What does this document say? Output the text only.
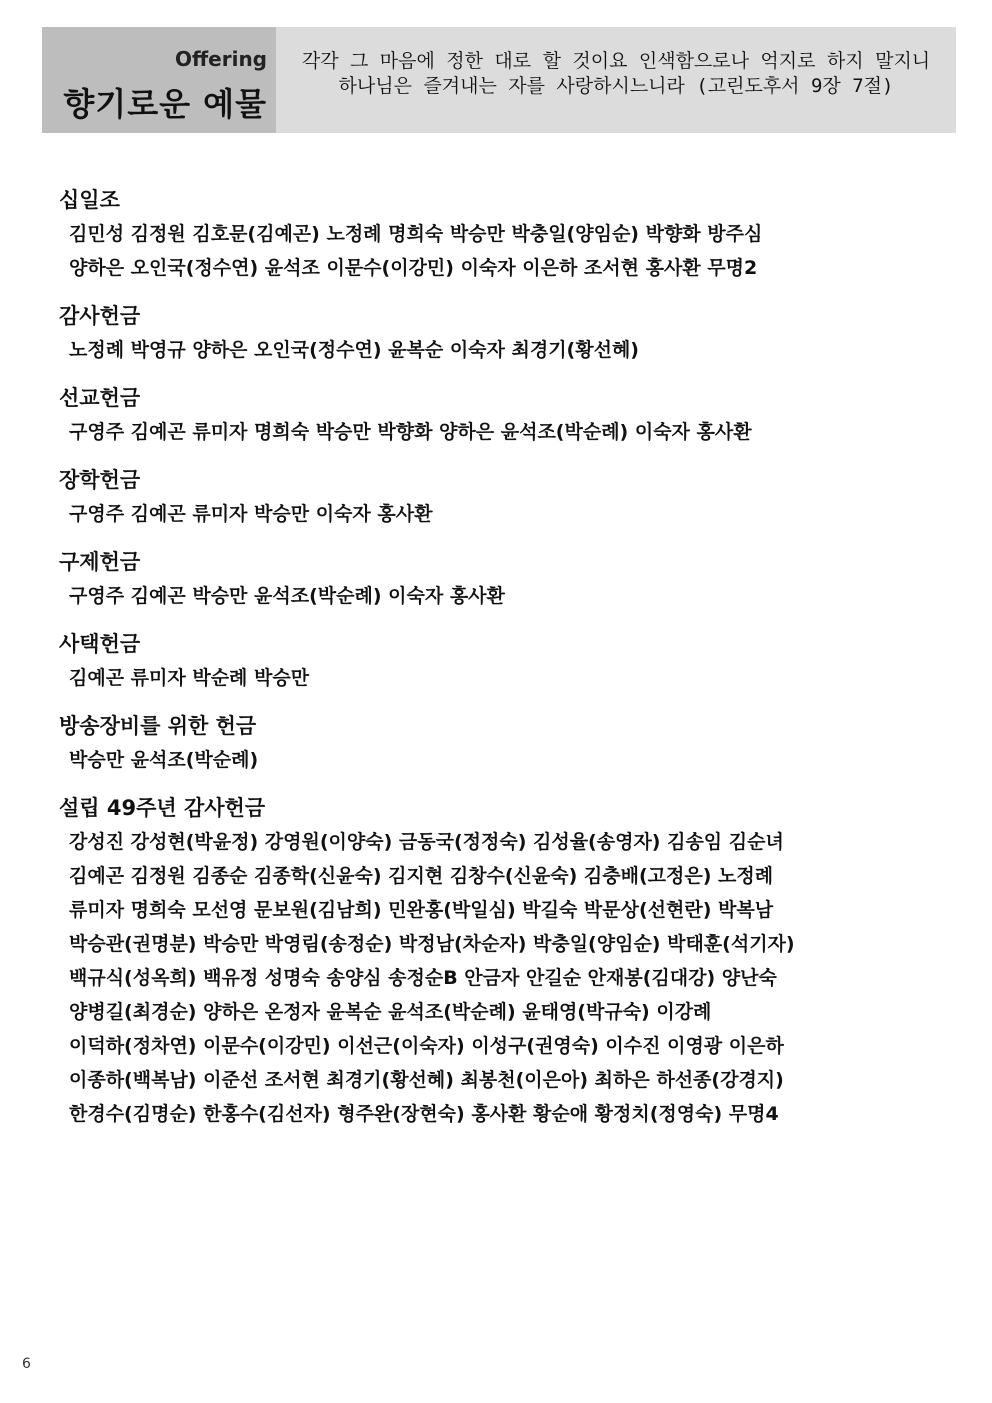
Offering
향기로운 예물
각각 그 마음에 정한 대로 할 것이요 인색함으로나 억지로 하지 말지니
하나님은 즐겨내는 자를 사랑하시느니라 (고린도후서 9장 7절)
십일조
김민성 김정원 김호문(김예곤) 노정례 명희숙 박승만 박충일(양임순) 박향화 방주심
양하은 오인국(정수연) 윤석조 이문수(이강민) 이숙자 이은하 조서현 홍사환 무명2
감사헌금
노정례 박영규 양하은 오인국(정수연) 윤복순 이숙자 최경기(황선혜)
선교헌금
구영주 김예곤 류미자 명희숙 박승만 박향화 양하은 윤석조(박순례) 이숙자 홍사환
장학헌금
구영주 김예곤 류미자 박승만 이숙자 홍사환
구제헌금
구영주 김예곤 박승만 윤석조(박순례) 이숙자 홍사환
사택헌금
김예곤 류미자 박순례 박승만
방송장비를 위한 헌금
박승만 윤석조(박순례)
설립 49주년 감사헌금
강성진 강성현(박윤정) 강영원(이양숙) 금동국(정정숙) 김성율(송영자) 김송임 김순녀
김예곤 김정원 김종순 김종학(신윤숙) 김지현 김창수(신윤숙) 김충배(고정은) 노정례
류미자 명희숙 모선영 문보원(김남희) 민완홍(박일심) 박길숙 박문상(선현란) 박복남
박승관(권명분) 박승만 박영림(송정순) 박정남(차순자) 박충일(양임순) 박태훈(석기자)
백규식(성옥희) 백유정 성명숙 송양심 송정순B 안금자 안길순 안재봉(김대강) 양난숙
양병길(최경순) 양하은 온정자 윤복순 윤석조(박순례) 윤태영(박규숙) 이강례
이덕하(정차연) 이문수(이강민) 이선근(이숙자) 이성구(권영숙) 이수진 이영광 이은하
이종하(백복남) 이준선 조서현 최경기(황선혜) 최봉천(이은아) 최하은 하선종(강경지)
한경수(김명순) 한홍수(김선자) 형주완(장현숙) 홍사환 황순애 황정치(정영숙) 무명4
6
